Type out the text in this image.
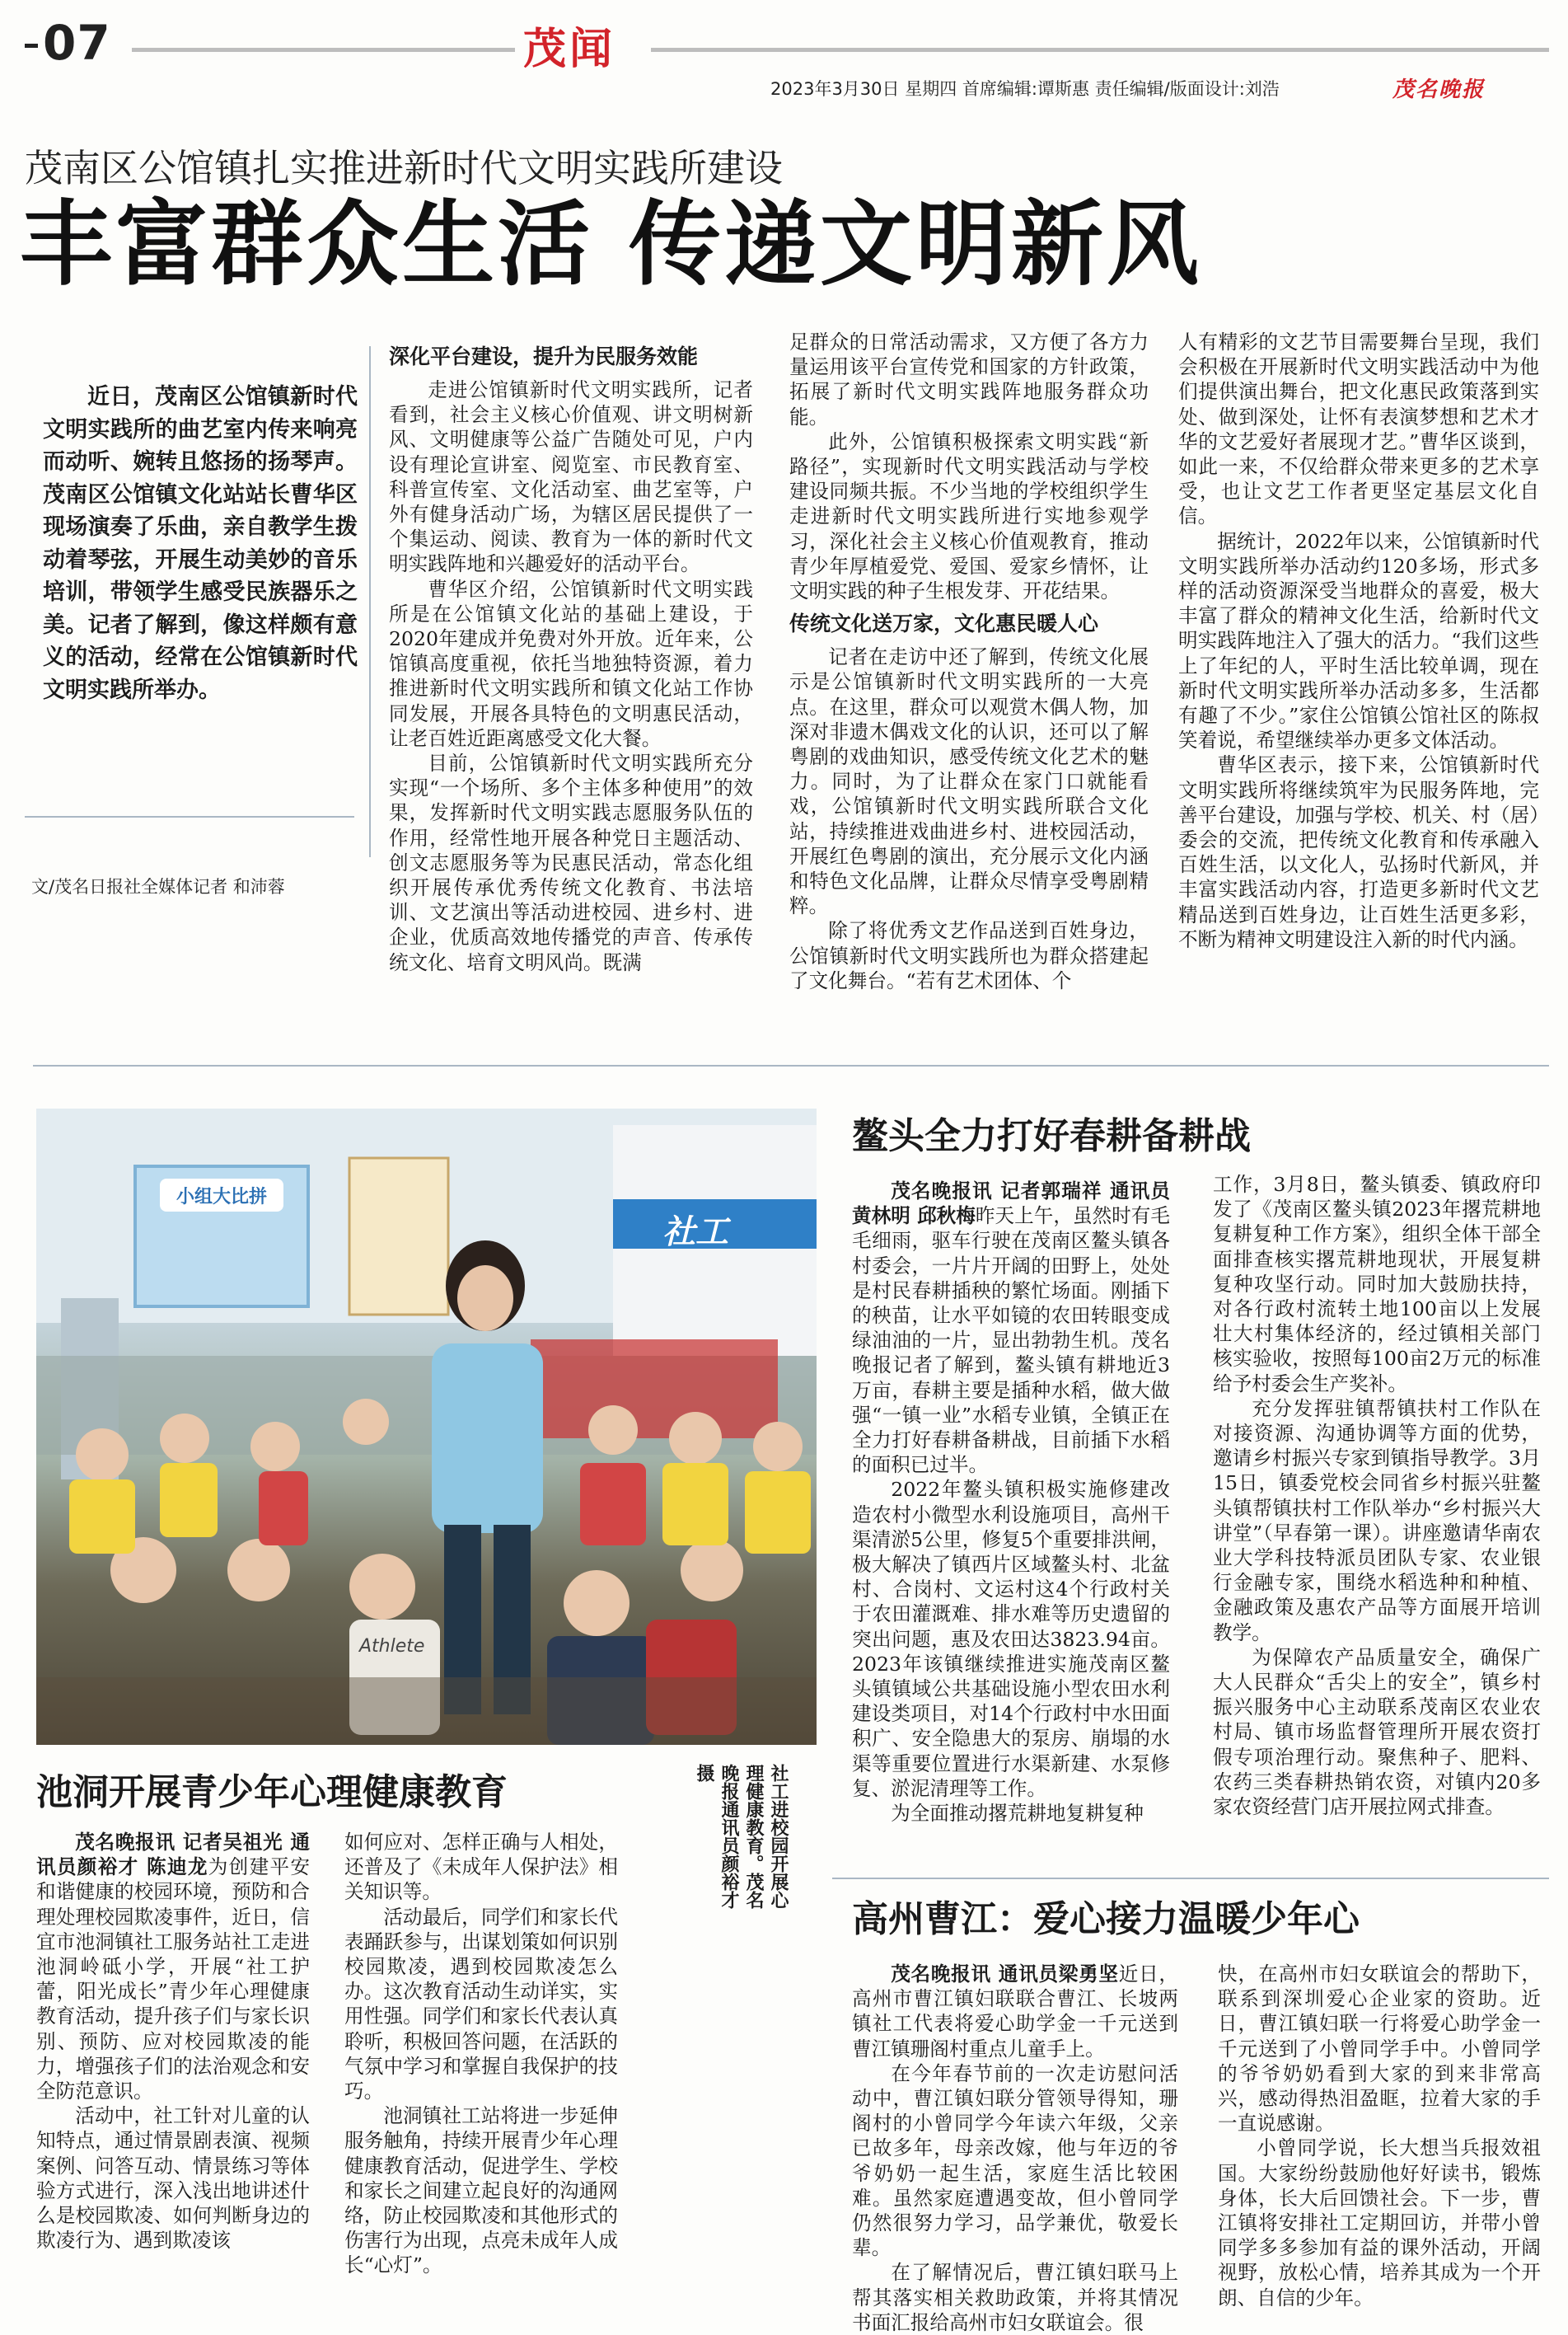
07	茂闻
2023年3月30日 星期四 首席编辑:谭斯惠 责任编辑/版面设计:刘浩	茂名晚报
茂南区公馆镇扎实推进新时代文明实践所建设
丰富群众生活 传递文明新风

近日，茂南区公馆镇新时代文明实践所的曲艺室内传来响亮而动听、婉转且悠扬的扬琴声。茂南区公馆镇文化站站长曹华区现场演奏了乐曲，亲自教学生拨动着琴弦，开展生动美妙的音乐培训，带领学生感受民族器乐之美。记者了解到，像这样颇有意义的活动，经常在公馆镇新时代文明实践所举办。

文/茂名日报社全媒体记者 和沛蓉
深化平台建设，提升为民服务效能

走进公馆镇新时代文明实践所，记者看到，社会主义核心价值观、讲文明树新风、文明健康等公益广告随处可见，户内设有理论宣讲室、阅览室、市民教育室、科普宣传室、文化活动室、曲艺室等，户外有健身活动广场，为辖区居民提供了一个集运动、阅读、教育为一体的新时代文明实践阵地和兴趣爱好的活动平台。

曹华区介绍，公馆镇新时代文明实践所是在公馆镇文化站的基础上建设，于2020年建成并免费对外开放。近年来，公馆镇高度重视，依托当地独特资源，着力推进新时代文明实践所和镇文化站工作协同发展，开展各具特色的文明惠民活动，让老百姓近距离感受文化大餐。

目前，公馆镇新时代文明实践所充分实现“一个场所、多个主体多种使用”的效果，发挥新时代文明实践志愿服务队伍的作用，经常性地开展各种党日主题活动、创文志愿服务等为民惠民活动，常态化组织开展传承优秀传统文化教育、书法培训、文艺演出等活动进校园、进乡村、进企业，优质高效地传播党的声音、传承传统文化、培育文明风尚。既满

足群众的日常活动需求，又方便了各方力量运用该平台宣传党和国家的方针政策，拓展了新时代文明实践阵地服务群众功能。

此外，公馆镇积极探索文明实践“新路径”，实现新时代文明实践活动与学校建设同频共振。不少当地的学校组织学生走进新时代文明实践所进行实地参观学习，深化社会主义核心价值观教育，推动青少年厚植爱党、爱国、爱家乡情怀，让文明实践的种子生根发芽、开花结果。

传统文化送万家，文化惠民暖人心

记者在走访中还了解到，传统文化展示是公馆镇新时代文明实践所的一大亮点。在这里，群众可以观赏木偶人物，加深对非遗木偶戏文化的认识，还可以了解粤剧的戏曲知识，感受传统文化艺术的魅力。同时，为了让群众在家门口就能看戏，公馆镇新时代文明实践所联合文化站，持续推进戏曲进乡村、进校园活动，开展红色粤剧的演出，充分展示文化内涵和特色文化品牌，让群众尽情享受粤剧精粹。

除了将优秀文艺作品送到百姓身边，公馆镇新时代文明实践所也为群众搭建起了文化舞台。“若有艺术团体、个

人有精彩的文艺节目需要舞台呈现，我们会积极在开展新时代文明实践活动中为他们提供演出舞台，把文化惠民政策落到实处、做到深处，让怀有表演梦想和艺术才华的文艺爱好者展现才艺。”曹华区谈到，如此一来，不仅给群众带来更多的艺术享受，也让文艺工作者更坚定基层文化自信。

据统计，2022年以来，公馆镇新时代文明实践所举办活动约120多场，形式多样的活动资源深受当地群众的喜爱，极大丰富了群众的精神文化生活，给新时代文明实践阵地注入了强大的活力。“我们这些上了年纪的人，平时生活比较单调，现在新时代文明实践所举办活动多多，生活都有趣了不少。”家住公馆镇公馆社区的陈叔笑着说，希望继续举办更多文体活动。

曹华区表示，接下来，公馆镇新时代文明实践所将继续筑牢为民服务阵地，完善平台建设，加强与学校、机关、村（居）委会的交流，把传统文化教育和传承融入百姓生活，以文化人，弘扬时代新风，并丰富实践活动内容，打造更多新时代文艺精品送到百姓身边，让百姓生活更多彩，不断为精神文明建设注入新的时代内涵。

小组大比拼
社工
Athlete
社工进校园开展心理健康教育。茂名晚报通讯员颜裕才摄
池洞开展青少年心理健康教育

茂名晚报讯 记者吴祖光 通讯员颜裕才 陈迪龙为创建平安和谐健康的校园环境，预防和合理处理校园欺凌事件，近日，信宜市池洞镇社工服务站社工走进池洞岭砥小学，开展“社工护蕾，阳光成长”青少年心理健康教育活动，提升孩子们与家长识别、预防、应对校园欺凌的能力，增强孩子们的法治观念和安全防范意识。

活动中，社工针对儿童的认知特点，通过情景剧表演、视频案例、问答互动、情景练习等体验方式进行，深入浅出地讲述什么是校园欺凌、如何判断身边的欺凌行为、遇到欺凌该

如何应对、怎样正确与人相处，还普及了《未成年人保护法》相关知识等。

活动最后，同学们和家长代表踊跃参与，出谋划策如何识别校园欺凌，遇到校园欺凌怎么办。这次教育活动生动详实，实用性强。同学们和家长代表认真聆听，积极回答问题，在活跃的气氛中学习和掌握自我保护的技巧。

池洞镇社工站将进一步延伸服务触角，持续开展青少年心理健康教育活动，促进学生、学校和家长之间建立起良好的沟通网络，防止校园欺凌和其他形式的伤害行为出现，点亮未成年人成长“心灯”。

鳌头全力打好春耕备耕战

茂名晚报讯 记者郭瑞祥 通讯员黄林明 邱秋梅昨天上午，虽然时有毛毛细雨，驱车行驶在茂南区鳌头镇各村委会，一片片开阔的田野上，处处是村民春耕插秧的繁忙场面。刚插下的秧苗，让水平如镜的农田转眼变成绿油油的一片，显出勃勃生机。茂名晚报记者了解到，鳌头镇有耕地近3万亩，春耕主要是插种水稻，做大做强“一镇一业”水稻专业镇，全镇正在全力打好春耕备耕战，目前插下水稻的面积已过半。

2022年鳌头镇积极实施修建改造农村小微型水利设施项目，高州干渠清淤5公里，修复5个重要排洪闸，极大解决了镇西片区域鳌头村、北盆村、合岗村、文运村这4个行政村关于农田灌溉难、排水难等历史遗留的突出问题，惠及农田达3823.94亩。2023年该镇继续推进实施茂南区鳌头镇镇域公共基础设施小型农田水利建设类项目，对14个行政村中水田面积广、安全隐患大的泵房、崩塌的水渠等重要位置进行水渠新建、水泵修复、淤泥清理等工作。

为全面推动撂荒耕地复耕复种

工作，3月8日，鳌头镇委、镇政府印发了《茂南区鳌头镇2023年撂荒耕地复耕复种工作方案》，组织全体干部全面排查核实撂荒耕地现状，开展复耕复种攻坚行动。同时加大鼓励扶持，对各行政村流转土地100亩以上发展壮大村集体经济的，经过镇相关部门核实验收，按照每100亩2万元的标准给予村委会生产奖补。

充分发挥驻镇帮镇扶村工作队在对接资源、沟通协调等方面的优势，邀请乡村振兴专家到镇指导教学。3月15日，镇委党校会同省乡村振兴驻鳌头镇帮镇扶村工作队举办“乡村振兴大讲堂”（早春第一课）。讲座邀请华南农业大学科技特派员团队专家、农业银行金融专家，围绕水稻选种和种植、金融政策及惠农产品等方面展开培训教学。

为保障农产品质量安全，确保广大人民群众“舌尖上的安全”，镇乡村振兴服务中心主动联系茂南区农业农村局、镇市场监督管理所开展农资打假专项治理行动。聚焦种子、肥料、农药三类春耕热销农资，对镇内20多家农资经营门店开展拉网式排查。

高州曹江：爱心接力温暖少年心

茂名晚报讯 通讯员梁勇坚近日，高州市曹江镇妇联联合曹江、长坡两镇社工代表将爱心助学金一千元送到曹江镇珊阁村重点儿童手上。

在今年春节前的一次走访慰问活动中，曹江镇妇联分管领导得知，珊阁村的小曾同学今年读六年级，父亲已故多年，母亲改嫁，他与年迈的爷爷奶奶一起生活，家庭生活比较困难。虽然家庭遭遇变故，但小曾同学仍然很努力学习，品学兼优，敬爱长辈。

在了解情况后，曹江镇妇联马上帮其落实相关救助政策，并将其情况书面汇报给高州市妇女联谊会。很

快，在高州市妇女联谊会的帮助下，联系到深圳爱心企业家的资助。近日，曹江镇妇联一行将爱心助学金一千元送到了小曾同学手中。小曾同学的爷爷奶奶看到大家的到来非常高兴，感动得热泪盈眶，拉着大家的手一直说感谢。

小曾同学说，长大想当兵报效祖国。大家纷纷鼓励他好好读书，锻炼身体，长大后回馈社会。下一步，曹江镇将安排社工定期回访，并带小曾同学多多参加有益的课外活动，开阔视野，放松心情，培养其成为一个开朗、自信的少年。
